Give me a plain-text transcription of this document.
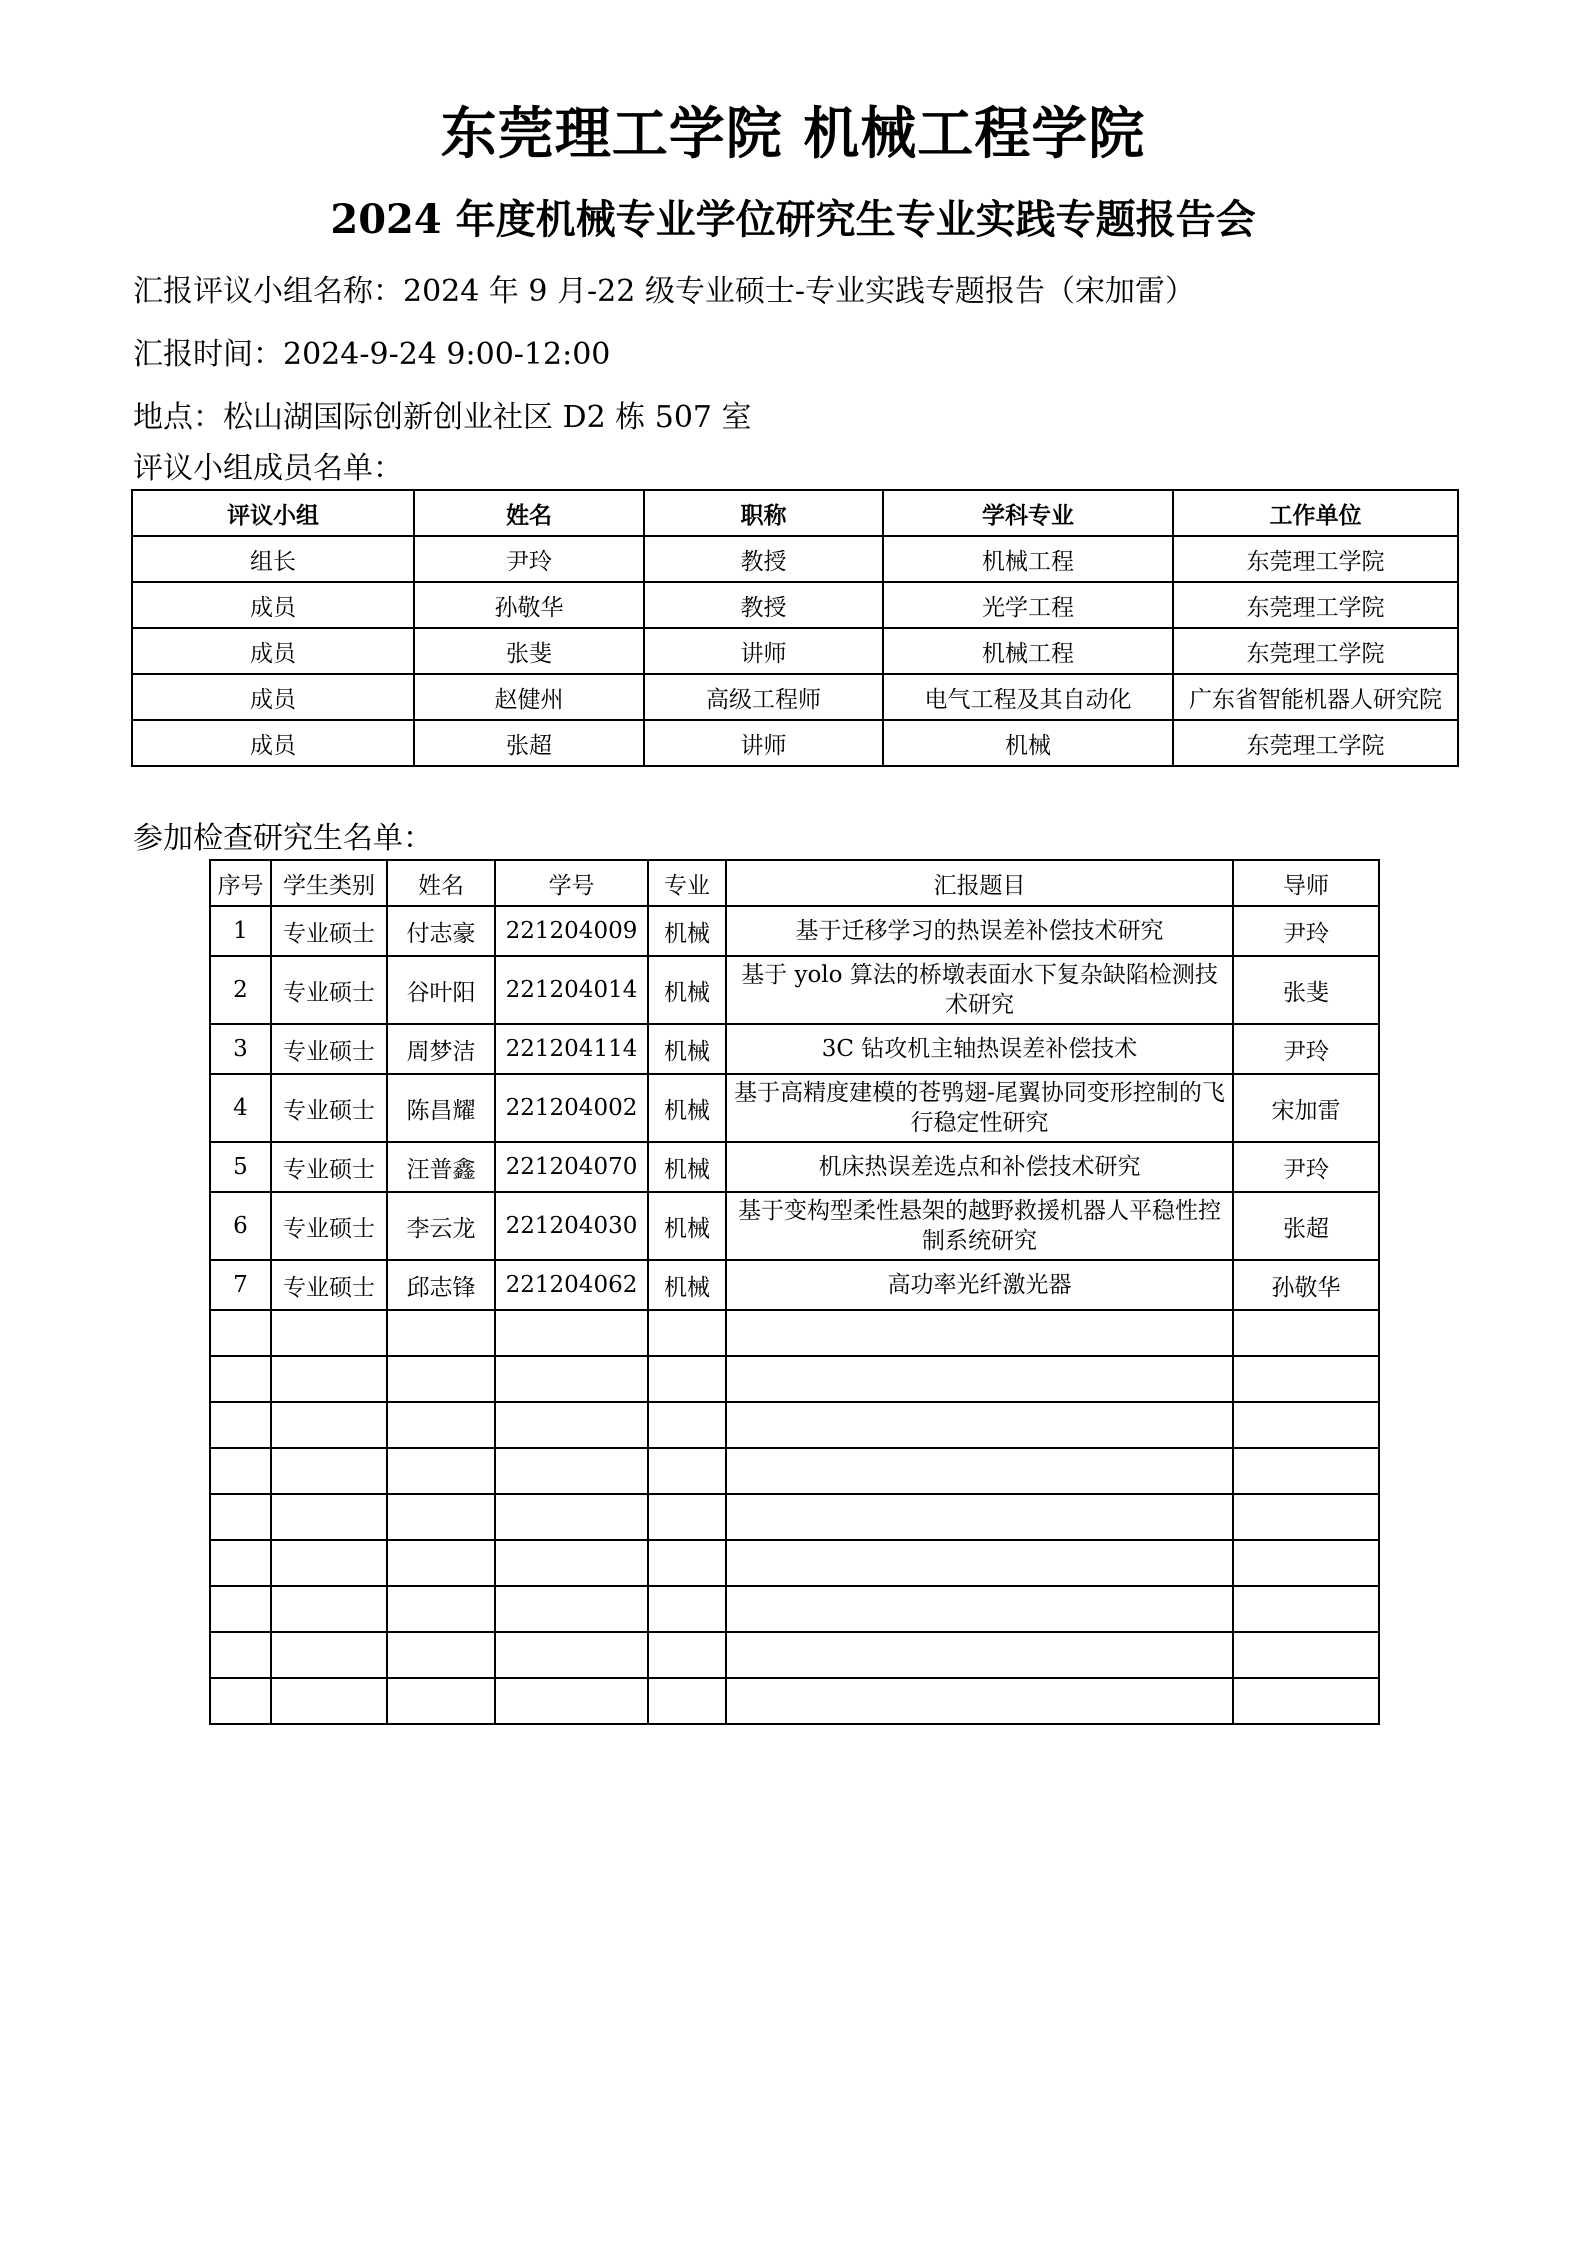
东莞理工学院 机械工程学院
2024 年度机械专业学位研究生专业实践专题报告会
汇报评议小组名称：2024 年 9 月-22 级专业硕士-专业实践专题报告（宋加雷）
汇报时间：2024-9-24 9:00-12:00
地点：松山湖国际创新创业社区 D2 栋 507 室
评议小组成员名单：
评议小组	姓名	职称	学科专业	工作单位
组长	尹玲	教授	机械工程	东莞理工学院
成员	孙敬华	教授	光学工程	东莞理工学院
成员	张斐	讲师	机械工程	东莞理工学院
成员	赵健州	高级工程师	电气工程及其自动化	广东省智能机器人研究院
成员	张超	讲师	机械	东莞理工学院
参加检查研究生名单：
序号	学生类别	姓名	学号	专业	汇报题目	导师
1	专业硕士	付志豪	221204009	机械	基于迁移学习的热误差补偿技术研究	尹玲
2	专业硕士	谷叶阳	221204014	机械	基于 yolo 算法的桥墩表面水下复杂缺陷检测技术研究	张斐
3	专业硕士	周梦洁	221204114	机械	3C 钻攻机主轴热误差补偿技术	尹玲
4	专业硕士	陈昌耀	221204002	机械	基于高精度建模的苍鸮翅-尾翼协同变形控制的飞行稳定性研究	宋加雷
5	专业硕士	汪普鑫	221204070	机械	机床热误差选点和补偿技术研究	尹玲
6	专业硕士	李云龙	221204030	机械	基于变构型柔性悬架的越野救援机器人平稳性控制系统研究	张超
7	专业硕士	邱志锋	221204062	机械	高功率光纤激光器	孙敬华
